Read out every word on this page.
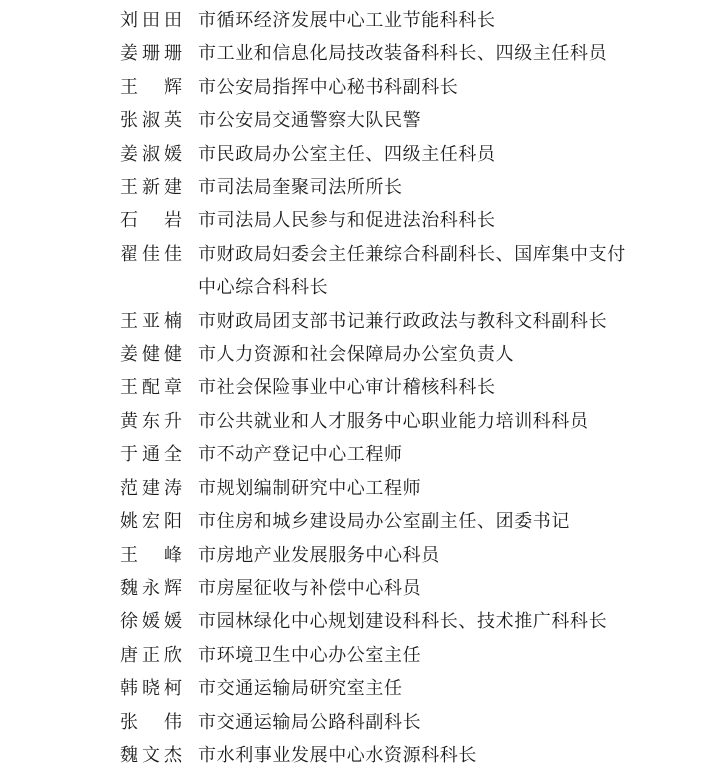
刘田田 市循环经济发展中心工业节能科科长
姜珊珊 市工业和信息化局技改装备科科长、四级主任科员
王　辉 市公安局指挥中心秘书科副科长
张淑英 市公安局交通警察大队民警
姜淑媛 市民政局办公室主任、四级主任科员
王新建 市司法局奎聚司法所所长
石　岩 市司法局人民参与和促进法治科科长
翟佳佳 市财政局妇委会主任兼综合科副科长、国库集中支付中心综合科科长
王亚楠 市财政局团支部书记兼行政政法与教科文科副科长
姜健健 市人力资源和社会保障局办公室负责人
王配章 市社会保险事业中心审计稽核科科长
黄东升 市公共就业和人才服务中心职业能力培训科科员
于通全 市不动产登记中心工程师
范建涛 市规划编制研究中心工程师
姚宏阳 市住房和城乡建设局办公室副主任、团委书记
王　峰 市房地产业发展服务中心科员
魏永辉 市房屋征收与补偿中心科员
徐媛媛 市园林绿化中心规划建设科科长、技术推广科科长
唐正欣 市环境卫生中心办公室主任
韩晓柯 市交通运输局研究室主任
张　伟 市交通运输局公路科副科长
魏文杰 市水利事业发展中心水资源科科长
